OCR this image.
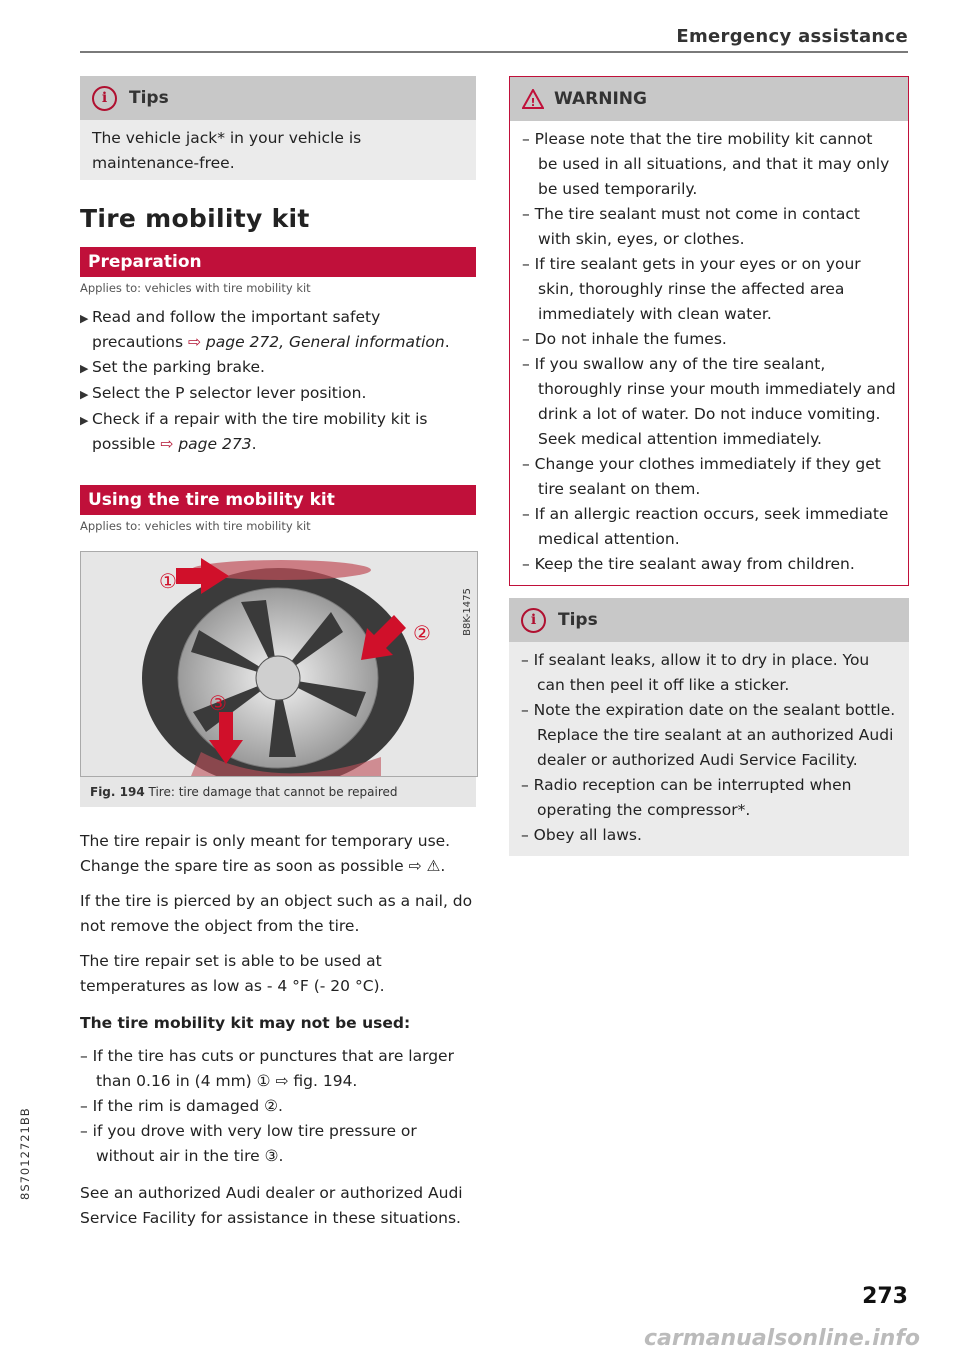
Emergency assistance
i	Tips

The vehicle jack* in your vehicle is maintenance-free.

Tire mobility kit
Preparation
Applies to: vehicles with tire mobility kit
▶ Read and follow the important safety precautions ⇨ page 272, General information.
▶ Set the parking brake.
▶ Select the P selector lever position.
▶ Check if a repair with the tire mobility kit is possible ⇨ page 273.
Using the tire mobility kit
Applies to: vehicles with tire mobility kit
①
②
③
B8K-1475
Fig. 194 Tire: tire damage that cannot be repaired

The tire repair is only meant for temporary use. Change the spare tire as soon as possible ⇨ ⚠.

If the tire is pierced by an object such as a nail, do not remove the object from the tire.

The tire repair set is able to be used at temperatures as low as - 4 °F (- 20 °C).

The tire mobility kit may not be used:
– If the tire has cuts or punctures that are larger than 0.16 in (4 mm) ① ⇨ fig. 194.
– If the rim is damaged ②.
– if you drove with very low tire pressure or without air in the tire ③.

See an authorized Audi dealer or authorized Audi Service Facility for assistance in these situations.

! WARNING
– Please note that the tire mobility kit cannot be used in all situations, and that it may only be used temporarily.
– The tire sealant must not come in contact with skin, eyes, or clothes.
– If tire sealant gets in your eyes or on your skin, thoroughly rinse the affected area immediately with clean water.
– Do not inhale the fumes.
– If you swallow any of the tire sealant, thoroughly rinse your mouth immediately and drink a lot of water. Do not induce vomiting. Seek medical attention immediately.
– Change your clothes immediately if they get tire sealant on them.
– If an allergic reaction occurs, seek immediate medical attention.
– Keep the tire sealant away from children.
i	Tips
– If sealant leaks, allow it to dry in place. You can then peel it off like a sticker.
– Note the expiration date on the sealant bottle. Replace the tire sealant at an authorized Audi dealer or authorized Audi Service Facility.
– Radio reception can be interrupted when operating the compressor*.
– Obey all laws.
8S7012721BB
273
carmanualsonline.info
